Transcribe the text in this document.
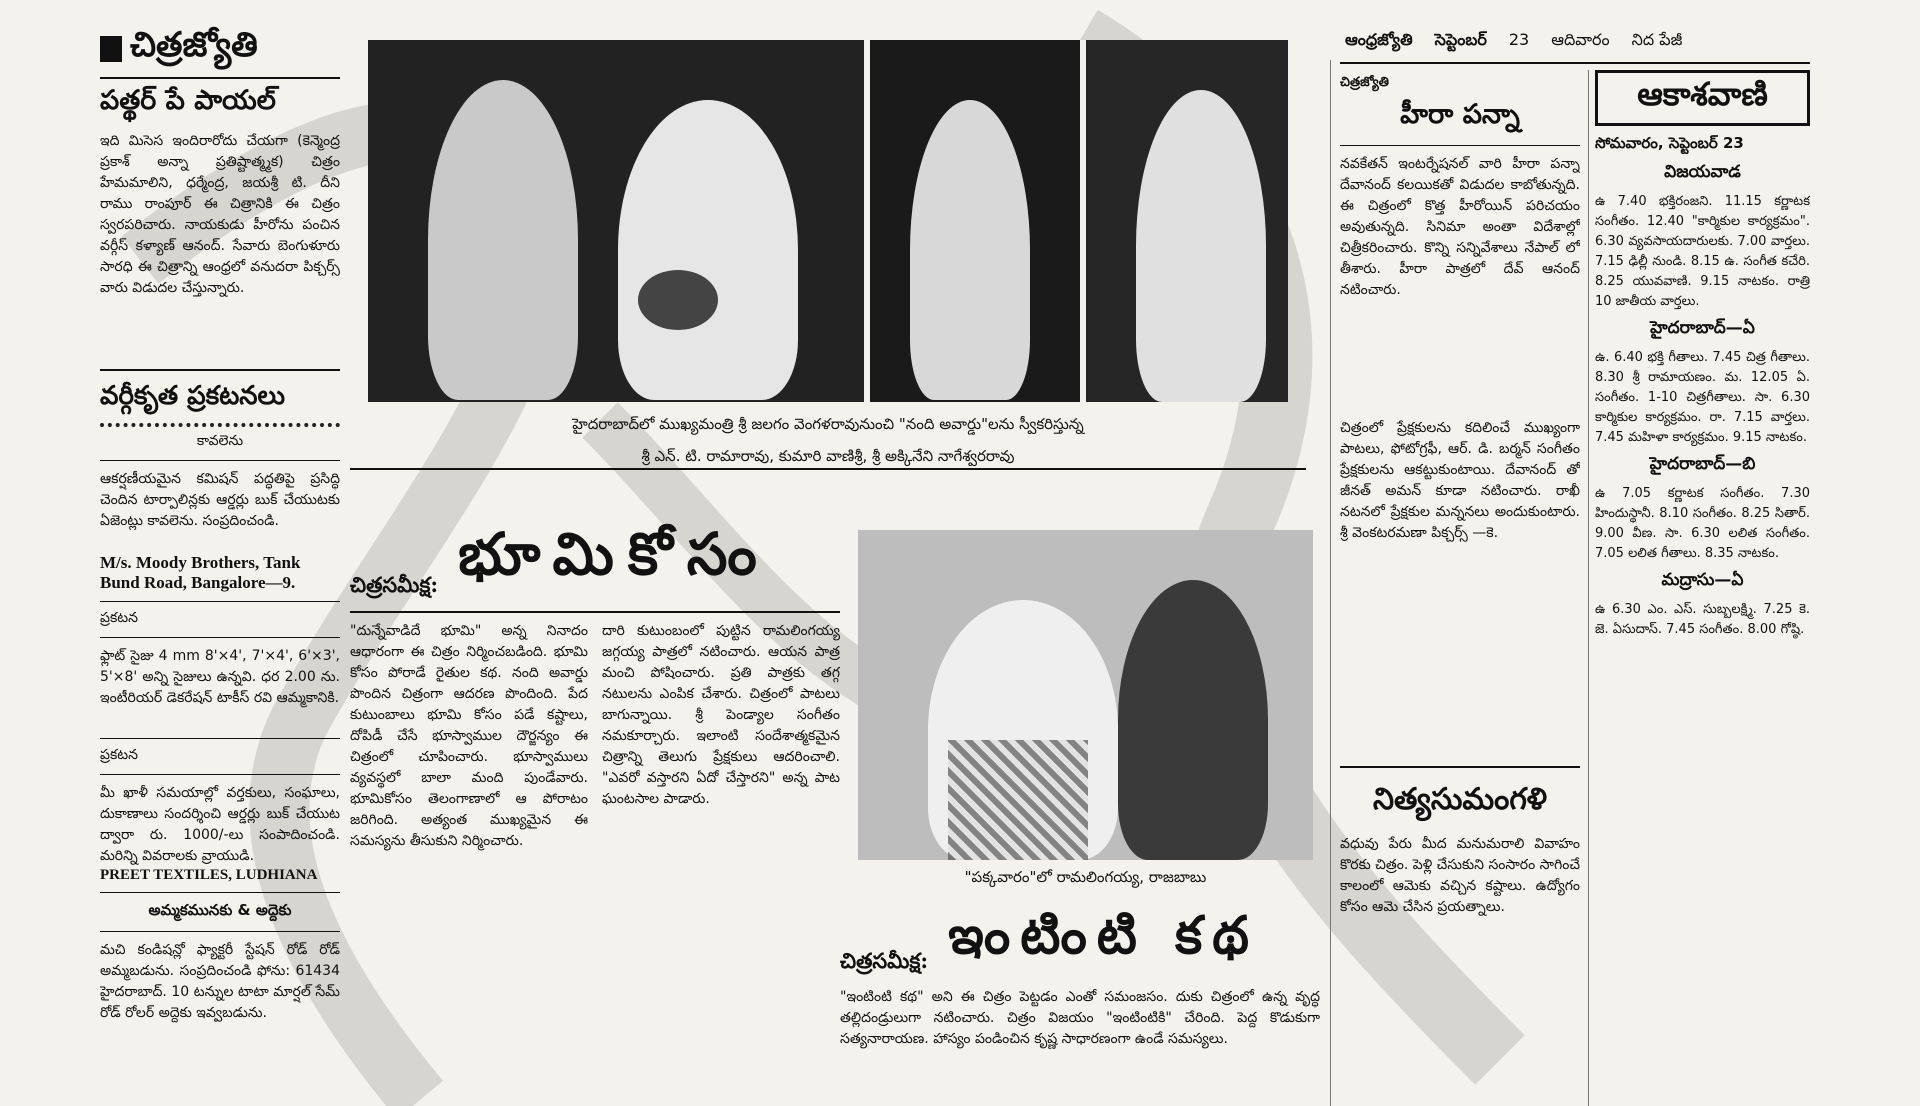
చిత్రజ్యోతి
పత్థర్ పే పాయల్
ఇది మిసెస ఇందిరారోదు చేయగా (కెన్మెంద్ర ప్రకాశ్ అన్నా ప్రతిష్టాత్మ్మక) చిత్రం హేమమాలిని, ధర్మేంద్ర, జయశ్రీ టి. దీని రాము రాంపూర్ ఈ చిత్రానికి ఈ చిత్రం స్వరపరిచారు. నాయకుడు హీరోను పంచిన వర్గీస్ కళ్యాణ్ ఆనంద్. సేవారు బెంగుళూరు సారధి ఈ చిత్రాన్ని ఆంధ్రలో వనుదరా పిక్చర్స్ వారు విడుదల చేస్తున్నారు.
వర్గీకృత ప్రకటనలు
కావలెను
ఆకర్షణీయమైన కమిషన్ పద్ధతిపై ప్రసిద్ధి చెందిన టార్పాలిన్లకు ఆర్డర్లు బుక్ చేయుటకు ఏజెంట్లు కావలెను. సంప్రదించండి.
M/s. Moody Brothers, Tank Bund Road, Bangalore—9.
ప్రకటన
ఫ్లాట్ సైజు 4 mm 8'×4', 7'×4', 6'×3', 5'×8' అన్ని సైజులు ఉన్నవి. ధర 2.00 ను. ఇంటీరియర్ డెకరేషన్ టాకీస్ రవి ఆమ్మకానికి.
ప్రకటన
మీ ఖాళీ సమయాల్లో వర్తకులు, సంఘాలు, దుకాణాలు సందర్శించి ఆర్డర్లు బుక్ చేయుట ద్వారా రు. 1000/-లు సంపాదించండి. మరిన్ని వివరాలకు వ్రాయుడి.
PREET TEXTILES, LUDHIANA
అమ్మకమునకు & అద్దెకు
మచి కండిషన్లో ఫ్యాక్టరీ స్టేషన్ రోడ్ రోడ్ అమ్మబడును. సంప్రదించండి ఫోను: 61434 హైదరాబాద్. 10 టన్నుల టాటా మార్షల్ సేమ్ రోడ్ రోలర్ అద్దెకు ఇవ్వబడును.
హైదరాబాద్‌లో ముఖ్యమంత్రి శ్రీ జలగం వెంగళరావునుంచి "నంది అవార్డు"లను స్వీకరిస్తున్న
శ్రీ ఎన్. టి. రామారావు, కుమారి వాణిశ్రీ, శ్రీ అక్కినేని నాగేశ్వరరావు
చిత్రసమీక్ష: భూమికోసం
"దున్నేవాడిదే భూమి" అన్న నినాదం ఆధారంగా ఈ చిత్రం నిర్మించబడింది. భూమి కోసం పోరాడే రైతుల కథ. నంది అవార్డు పొందిన చిత్రంగా ఆదరణ పొందింది. పేద కుటుంబాలు భూమి కోసం పడే కష్టాలు, దోపిడీ చేసే భూస్వాముల దౌర్జన్యం ఈ చిత్రంలో చూపించారు. భూస్వాములు వ్యవస్థలో బాలా మంది పుండేవారు. భూమికోసం తెలంగాణాలో ఆ పోరాటం జరిగింది. అత్యంత ముఖ్యమైన ఈ సమస్యను తీసుకుని నిర్మించారు.
దారి కుటుంబంలో పుట్టిన రామలింగయ్య జగ్గయ్య పాత్రలో నటించారు. ఆయన పాత్ర మంచి పోషించారు. ప్రతి పాత్రకు తగ్గ నటులను ఎంపిక చేశారు. చిత్రంలో పాటలు బాగున్నాయి. శ్రీ పెండ్యాల సంగీతం నమకూర్చారు. ఇలాంటి సందేశాత్మకమైన చిత్రాన్ని తెలుగు ప్రేక్షకులు ఆదరించాలి. "ఎవరో వస్తారని ఏదో చేస్తారని" అన్న పాట ఘంటసాల పాడారు.
"పక్కవారం"లో రామలింగయ్య, రాజబాబు
చిత్రసమీక్ష: ఇంటింటి కథ
"ఇంటింటి కథ" అని ఈ చిత్రం పెట్టడం ఎంతో సమంజసం. దుకు చిత్రంలో ఉన్న వృద్ధ తల్లిదండ్రులుగా నటించారు. చిత్రం విజయం "ఇంటింటికి" చేరింది. పెద్ద కొడుకుగా సత్యనారాయణ. హాస్యం పండించిన కృష్ణ సాధారణంగా ఉండే సమస్యలు.
ఆంధ్రజ్యోతి సెప్టెంబర్ 23 ఆదివారం నిద పేజీ
చిత్రజ్యోతి
హీరా పన్నా
నవకేతన్ ఇంటర్నేషనల్ వారి హీరా పన్నా దేవానంద్ కలయికతో విడుదల కాబోతున్నది. ఈ చిత్రంలో కొత్త హీరోయిన్ పరిచయం అవుతున్నది. సినిమా అంతా విదేశాల్లో చిత్రీకరించారు. కొన్ని సన్నివేశాలు నేపాల్ లో తీశారు. హీరా పాత్రలో దేవ్ ఆనంద్ నటించారు.
చిత్రంలో ప్రేక్షకులను కదిలించే ముఖ్యంగా పాటలు, ఫోటోగ్రఫీ, ఆర్. డి. బర్మన్ సంగీతం ప్రేక్షకులను ఆకట్టుకుంటాయి. దేవానంద్ తో జీనత్ అమన్ కూడా నటించారు. రాఖీ నటనలో ప్రేక్షకుల మన్ననలు అందుకుంటారు. శ్రీ వెంకటరమణా పిక్చర్స్ —కె.
నిత్యసుమంగళి
వధువు పేరు మీద మనుమరాలి వివాహం కొరకు చిత్రం. పెళ్లి చేసుకుని సంసారం సాగించే కాలంలో ఆమెకు వచ్చిన కష్టాలు. ఉద్యోగం కోసం ఆమె చేసిన ప్రయత్నాలు.
ఆకాశవాణి
సోమవారం, సెప్టెంబర్ 23
విజయవాడ
ఉ 7.40 భక్తిరంజని. 11.15 కర్ణాటక సంగీతం. 12.40 "కార్మికుల కార్యక్రమం". 6.30 వ్యవసాయదారులకు. 7.00 వార్తలు. 7.15 ఢిల్లీ నుండి. 8.15 ఉ. సంగీత కచేరి. 8.25 యువవాణి. 9.15 నాటకం. రాత్రి 10 జాతీయ వార్తలు.
హైదరాబాద్—ఏ
ఉ. 6.40 భక్తి గీతాలు. 7.45 చిత్ర గీతాలు. 8.30 శ్రీ రామాయణం. మ. 12.05 ఏ. సంగీతం. 1-10 చిత్రగీతాలు. సా. 6.30 కార్మికుల కార్యక్రమం. రా. 7.15 వార్తలు. 7.45 మహిళా కార్యక్రమం. 9.15 నాటకం.
హైదరాబాద్—బి
ఉ 7.05 కర్ణాటక సంగీతం. 7.30 హిందుస్థానీ. 8.10 సంగీతం. 8.25 సితార్. 9.00 వీణ. సా. 6.30 లలిత సంగీతం. 7.05 లలిత గీతాలు. 8.35 నాటకం.
మద్రాసు—ఏ
ఉ 6.30 ఎం. ఎస్. సుబ్బలక్ష్మి. 7.25 కె. జె. ఏసుదాస్. 7.45 సంగీతం. 8.00 గోష్ఠి.
